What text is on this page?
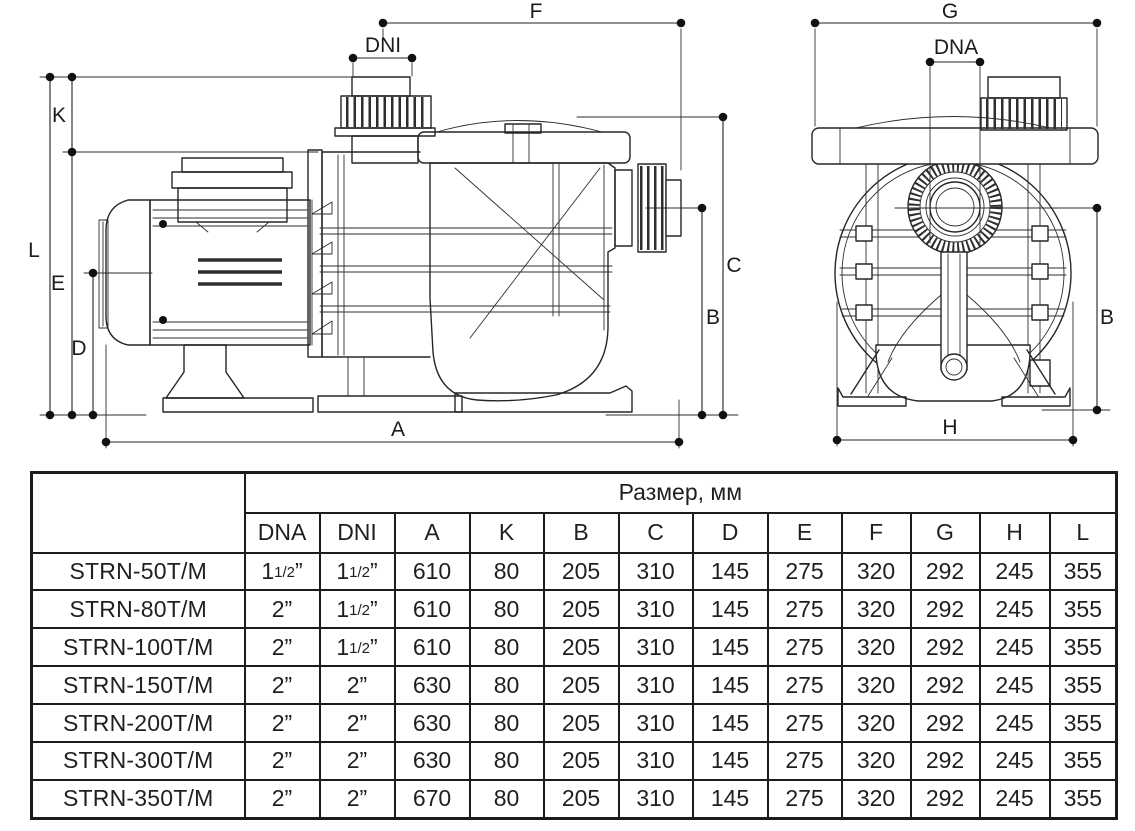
K
L
E
D
F
DNI
A
B
C
G
DNA
B
H
	Размер, мм											
	DNA	DNI	A	K	B	C	D	E	F	G	H	L
STRN-50T/M	11/2”	11/2”	610	80	205	310	145	275	320	292	245	355
STRN-80T/M	2”	11/2”	610	80	205	310	145	275	320	292	245	355
STRN-100T/M	2”	11/2”	610	80	205	310	145	275	320	292	245	355
STRN-150T/M	2”	2”	630	80	205	310	145	275	320	292	245	355
STRN-200T/M	2”	2”	630	80	205	310	145	275	320	292	245	355
STRN-300T/M	2”	2”	630	80	205	310	145	275	320	292	245	355
STRN-350T/M	2”	2”	670	80	205	310	145	275	320	292	245	355
